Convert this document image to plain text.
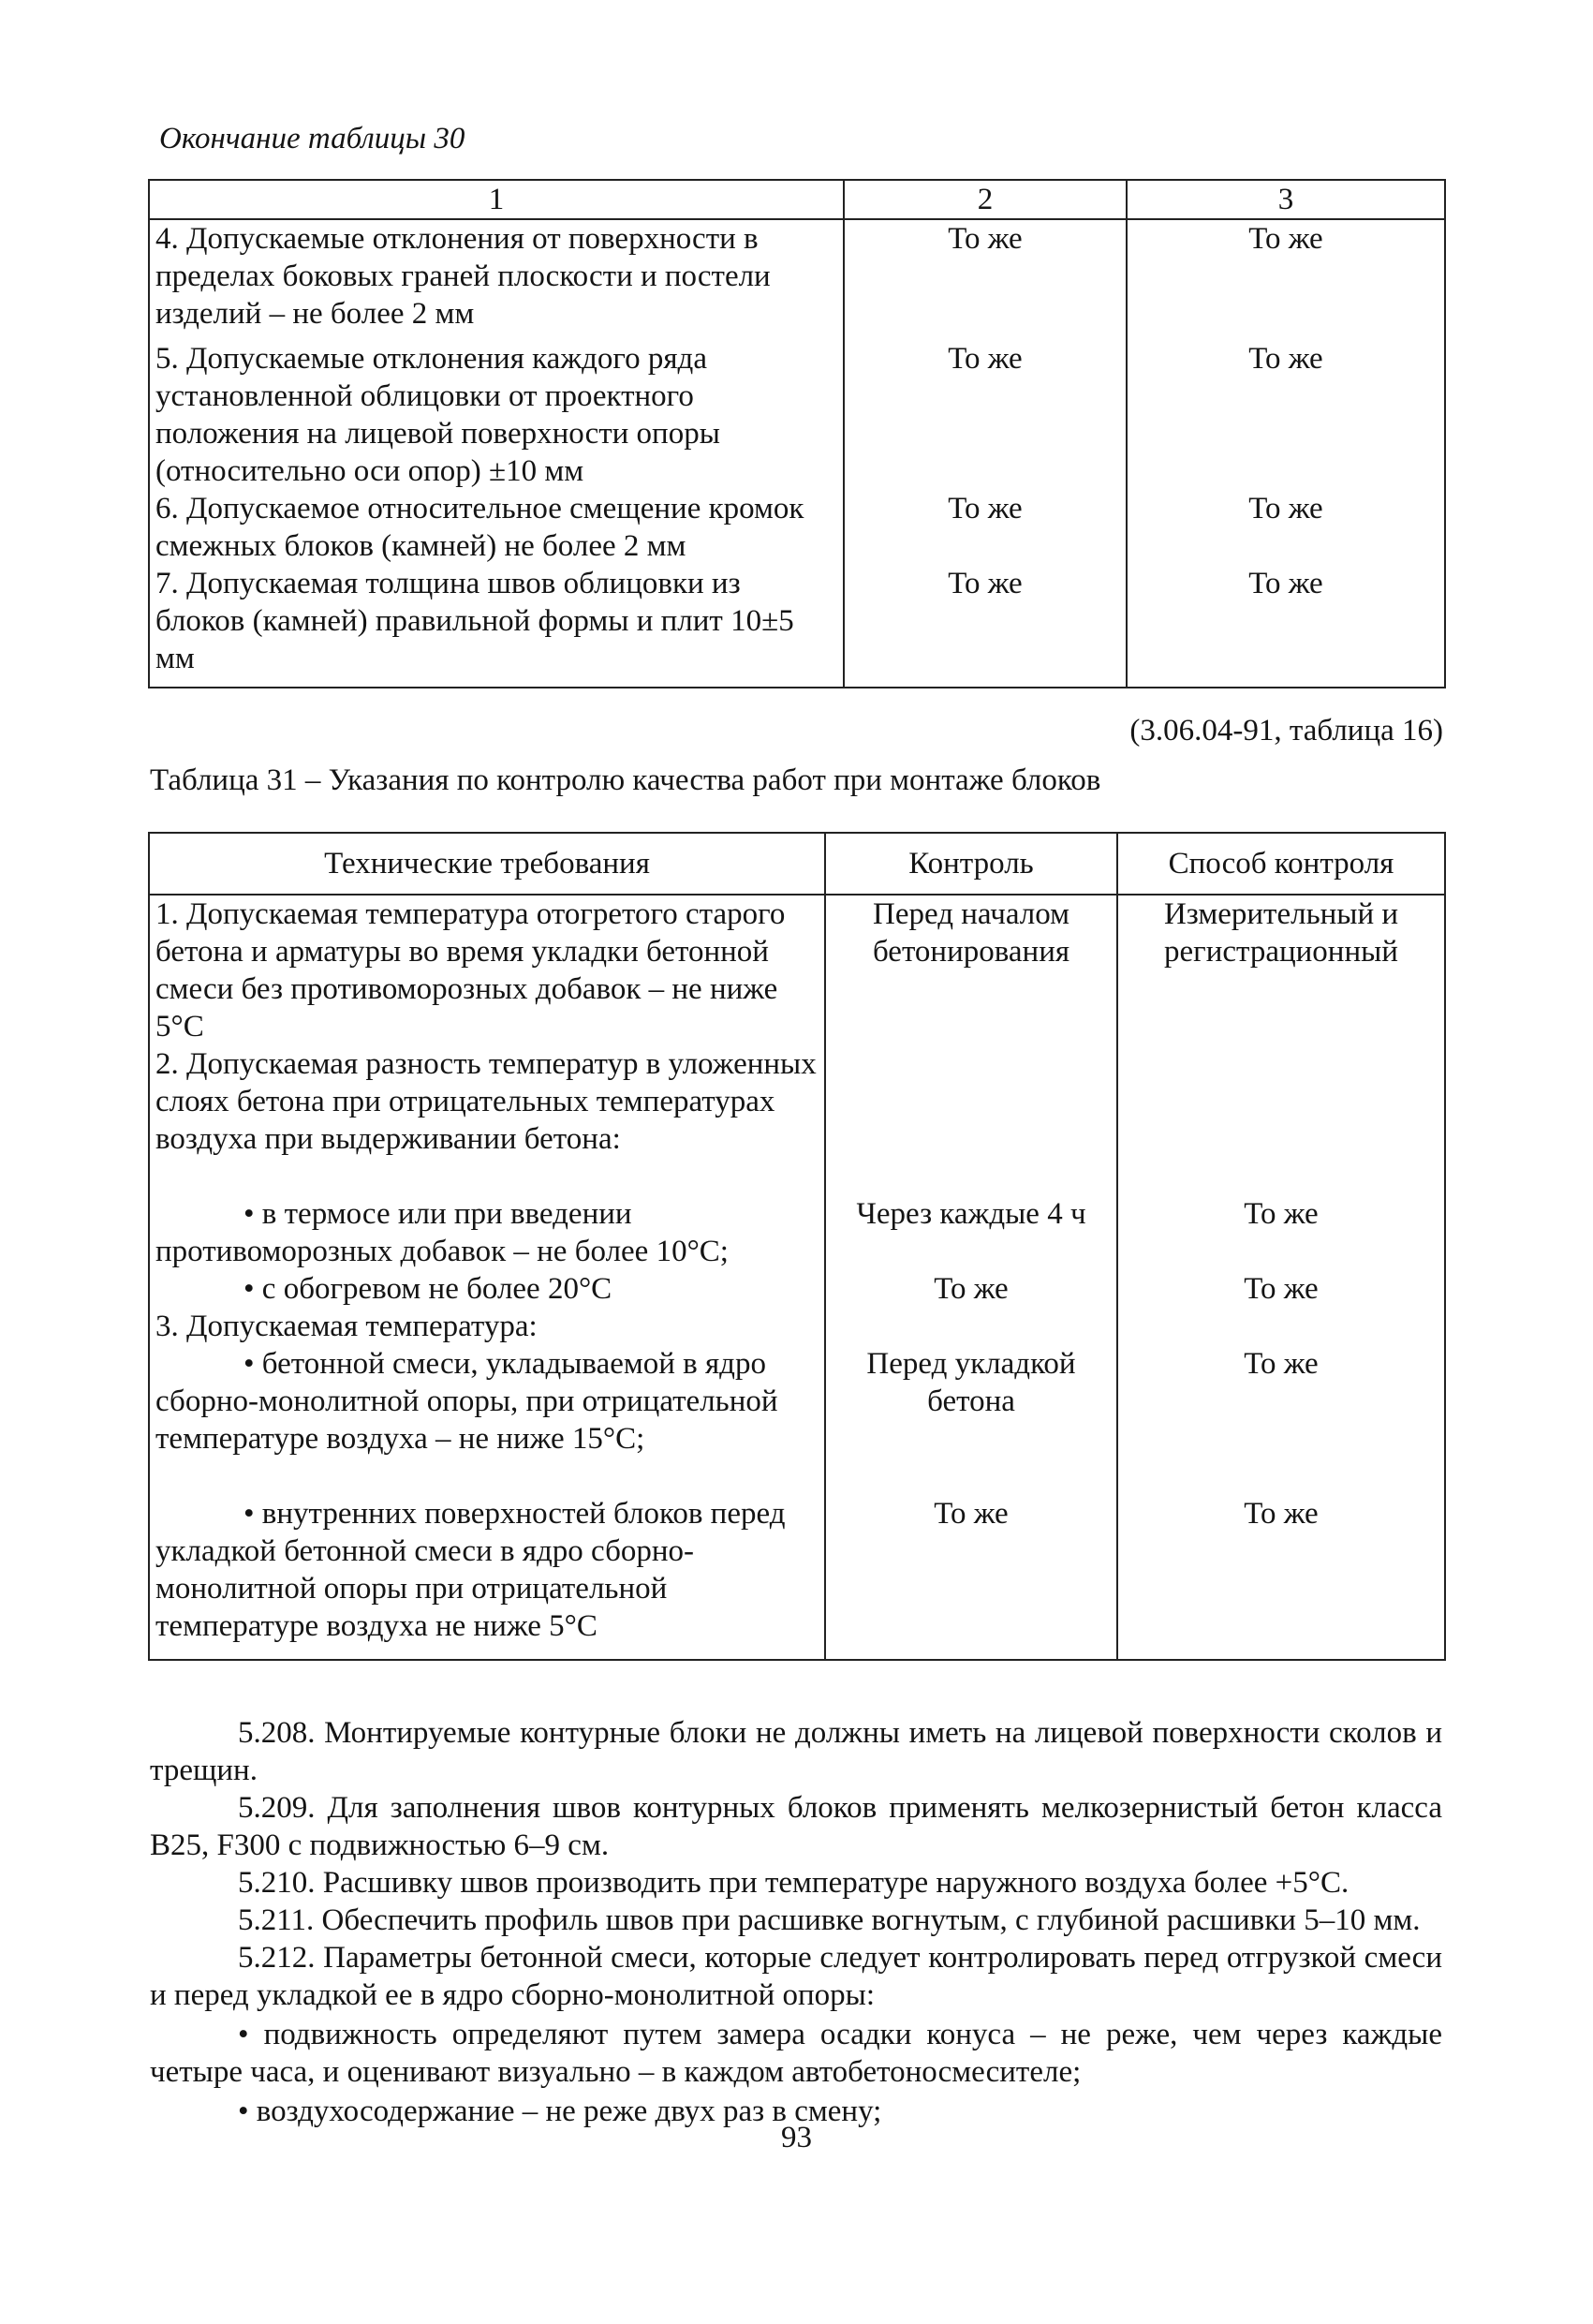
Окончание таблицы 30
1	2	3
4. Допускаемые отклонения от поверхности в пределах боковых граней плоскости и постели изделий – не более 2 мм	То же	То же
5. Допускаемые отклонения каждого ряда установленной облицовки от проектного положения на лицевой поверхности опоры (относительно оси опор) ±10 мм	То же	То же
6. Допускаемое относительное смещение кромок смежных блоков (камней) не более 2 мм	То же	То же
7. Допускаемая толщина швов облицовки из блоков (камней) правильной формы и плит 10±5 мм	То же	То же
(3.06.04-91, таблица 16)
Таблица 31 – Указания по контролю качества работ при монтаже блоков
Технические требования	Контроль	Способ контроля
1. Допускаемая температура отогретого старого бетона и арматуры во время укладки бетонной смеси без противоморозных добавок – не ниже 5°С	Перед началом бетонирования	Измерительный и регистрационный
2. Допускаемая разность температур в уложенных слоях бетона при отрицательных температурах воздуха при выдерживании бетона:		
• в термосе или при введении противоморозных добавок – не более 10°С;	Через каждые 4 ч	То же
• с обогревом не более 20°С	То же	То же
3. Допускаемая температура:		
• бетонной смеси, укладываемой в ядро сборно-монолитной опоры, при отрицательной температуре воздуха – не ниже 15°С;	Перед укладкой бетона	То же
• внутренних поверхностей блоков перед укладкой бетонной смеси в ядро сборно-монолитной опоры при отрицательной температуре воздуха не ниже 5°С	То же	То же
5.208. Монтируемые контурные блоки не должны иметь на лицевой поверхности сколов и трещин.
5.209. Для заполнения швов контурных блоков применять мелкозернистый бетон класса В25, F300 с подвижностью 6–9 см.
5.210. Расшивку швов производить при температуре наружного воздуха более +5°С.
5.211. Обеспечить профиль швов при расшивке вогнутым, с глубиной расшивки 5–10 мм.
5.212. Параметры бетонной смеси, которые следует контролировать перед отгрузкой смеси и перед укладкой ее в ядро сборно-монолитной опоры:
• подвижность определяют путем замера осадки конуса – не реже, чем через каждые четыре часа, и оценивают визуально – в каждом автобетоносмесителе;
• воздухосодержание – не реже двух раз в смену;
93
